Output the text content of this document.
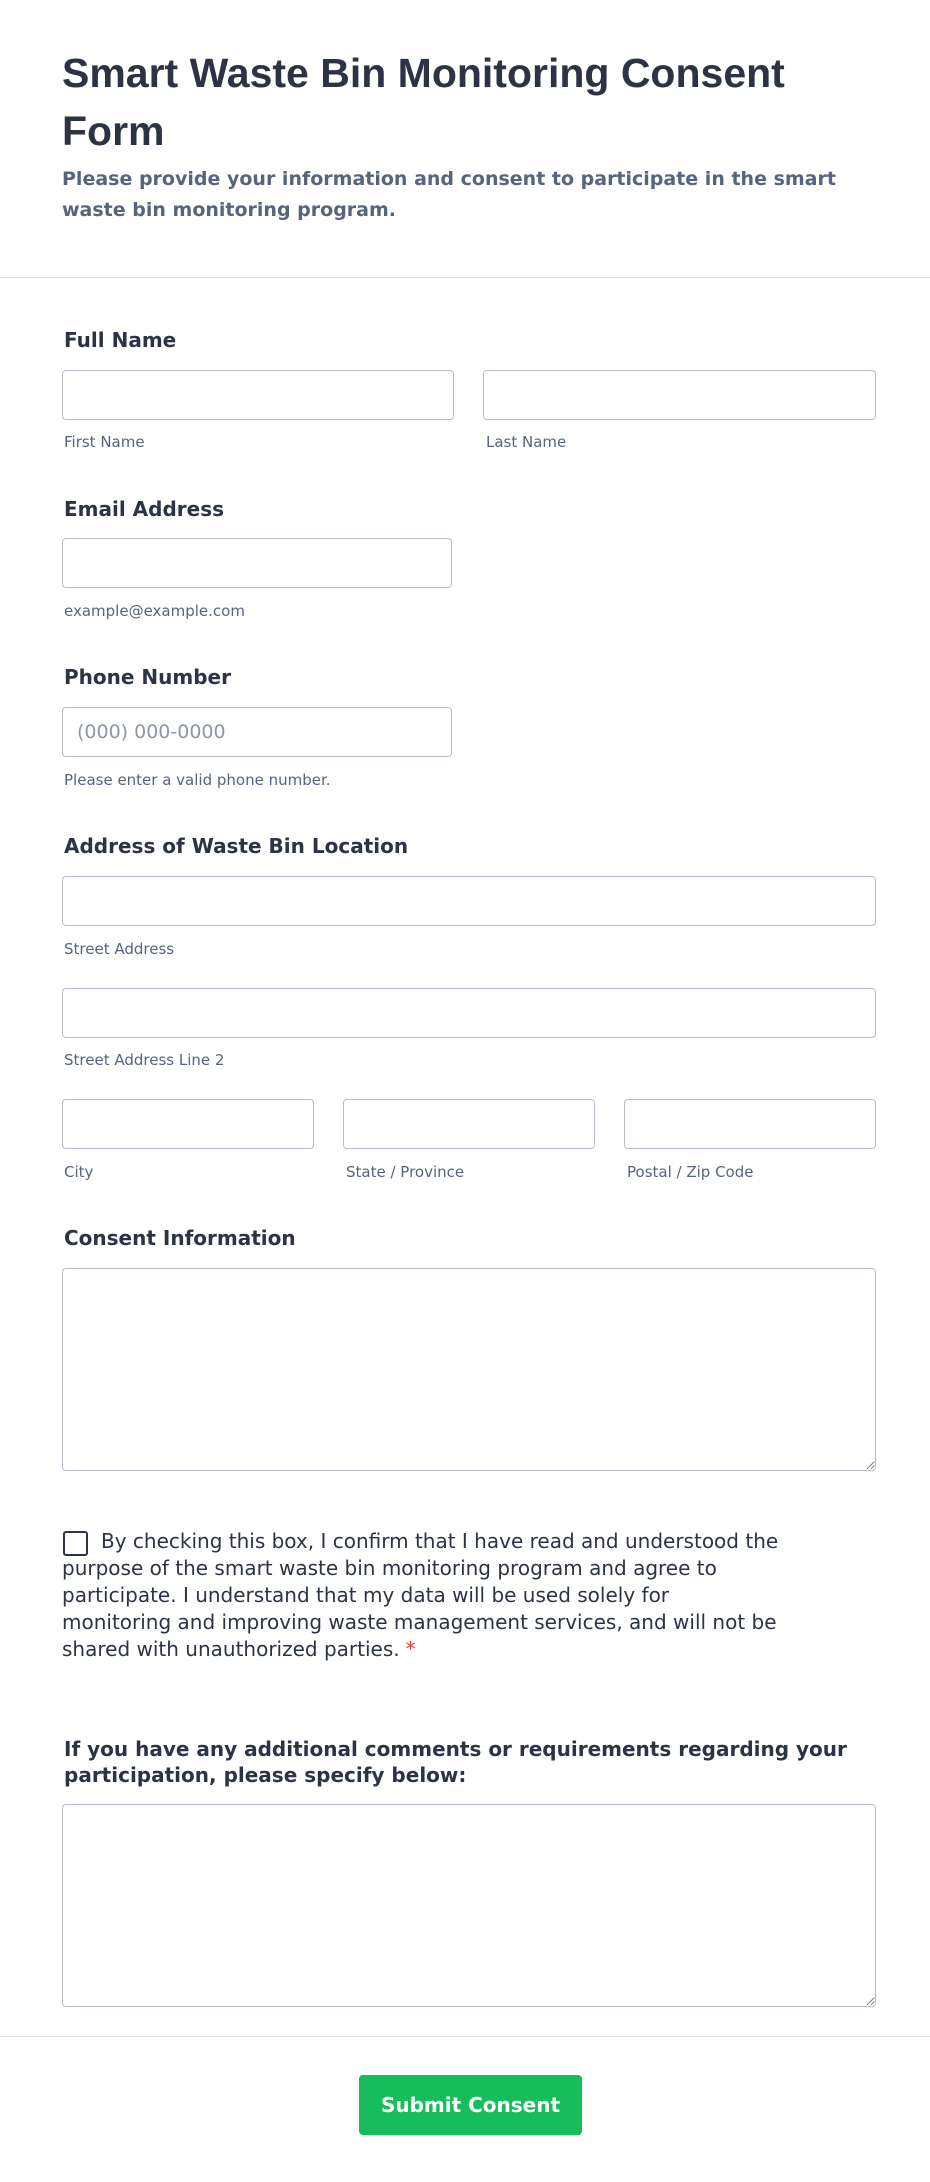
Smart Waste Bin Monitoring Consent Form
Please provide your information and consent to participate in the smart waste bin monitoring program.
Full Name
First Name	Last Name
Email Address
example@example.com
Phone Number
(000) 000-0000
Please enter a valid phone number.
Address of Waste Bin Location
Street Address
Street Address Line 2
City	State / Province	Postal / Zip Code
Consent Information
By checking this box, I confirm that I have read and understood the purpose of the smart waste bin monitoring program and agree to participate. I understand that my data will be used solely for monitoring and improving waste management services, and will not be shared with unauthorized parties. *
If you have any additional comments or requirements regarding your participation, please specify below:
Submit Consent
